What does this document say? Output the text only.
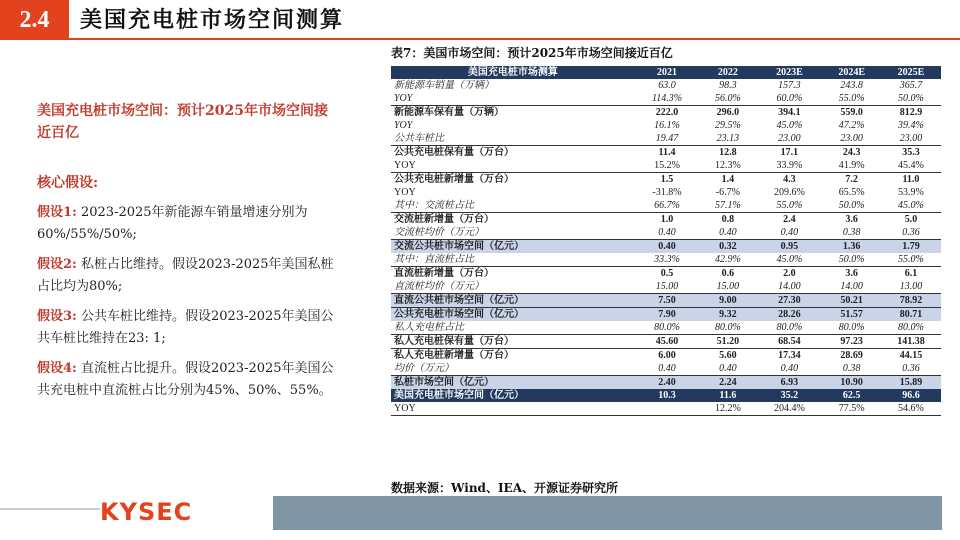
2.4	美国充电桩市场空间测算
美国充电桩市场空间：预计2025年市场空间接近百亿
核心假设:
假设1: 2023-2025年新能源车销量增速分别为60%/55%/50%;
假设2: 私桩占比维持。假设2023-2025年美国私桩占比均为80%;
假设3: 公共车桩比维持。假设2023-2025年美国公共车桩比维持在23: 1;
假设4: 直流桩占比提升。假设2023-2025年美国公共充电桩中直流桩占比分别为45%、50%、55%。
表7：美国市场空间：预计2025年市场空间接近百亿
美国充电桩市场测算	2021	2022	2023E	2024E	2025E
新能源车销量（万辆）	63.0	98.3	157.3	243.8	365.7
YOY	114.3%	56.0%	60.0%	55.0%	50.0%
新能源车保有量（万辆）	222.0	296.0	394.1	559.0	812.9
YOY	16.1%	29.5%	45.0%	47.2%	39.4%
公共车桩比	19.47	23.13	23.00	23.00	23.00
公共充电桩保有量（万台）	11.4	12.8	17.1	24.3	35.3
YOY	15.2%	12.3%	33.9%	41.9%	45.4%
公共充电桩新增量（万台）	1.5	1.4	4.3	7.2	11.0
YOY	-31.8%	-6.7%	209.6%	65.5%	53.9%
其中：交流桩占比	66.7%	57.1%	55.0%	50.0%	45.0%
交流桩新增量（万台）	1.0	0.8	2.4	3.6	5.0
交流桩均价（万元）	0.40	0.40	0.40	0.38	0.36
交流公共桩市场空间（亿元）	0.40	0.32	0.95	1.36	1.79
其中：直流桩占比	33.3%	42.9%	45.0%	50.0%	55.0%
直流桩新增量（万台）	0.5	0.6	2.0	3.6	6.1
直流桩均价（万元）	15.00	15.00	14.00	14.00	13.00
直流公共桩市场空间（亿元）	7.50	9.00	27.30	50.21	78.92
公共充电桩市场空间（亿元）	7.90	9.32	28.26	51.57	80.71
私人充电桩占比	80.0%	80.0%	80.0%	80.0%	80.0%
私人充电桩保有量（万台）	45.60	51.20	68.54	97.23	141.38
私人充电桩新增量（万台）	6.00	5.60	17.34	28.69	44.15
均价（万元）	0.40	0.40	0.40	0.38	0.36
私桩市场空间（亿元）	2.40	2.24	6.93	10.90	15.89
美国充电桩市场空间（亿元）	10.3	11.6	35.2	62.5	96.6
YOY		12.2%	204.4%	77.5%	54.6%
数据来源：Wind、IEA、开源证券研究所
KYSEC
